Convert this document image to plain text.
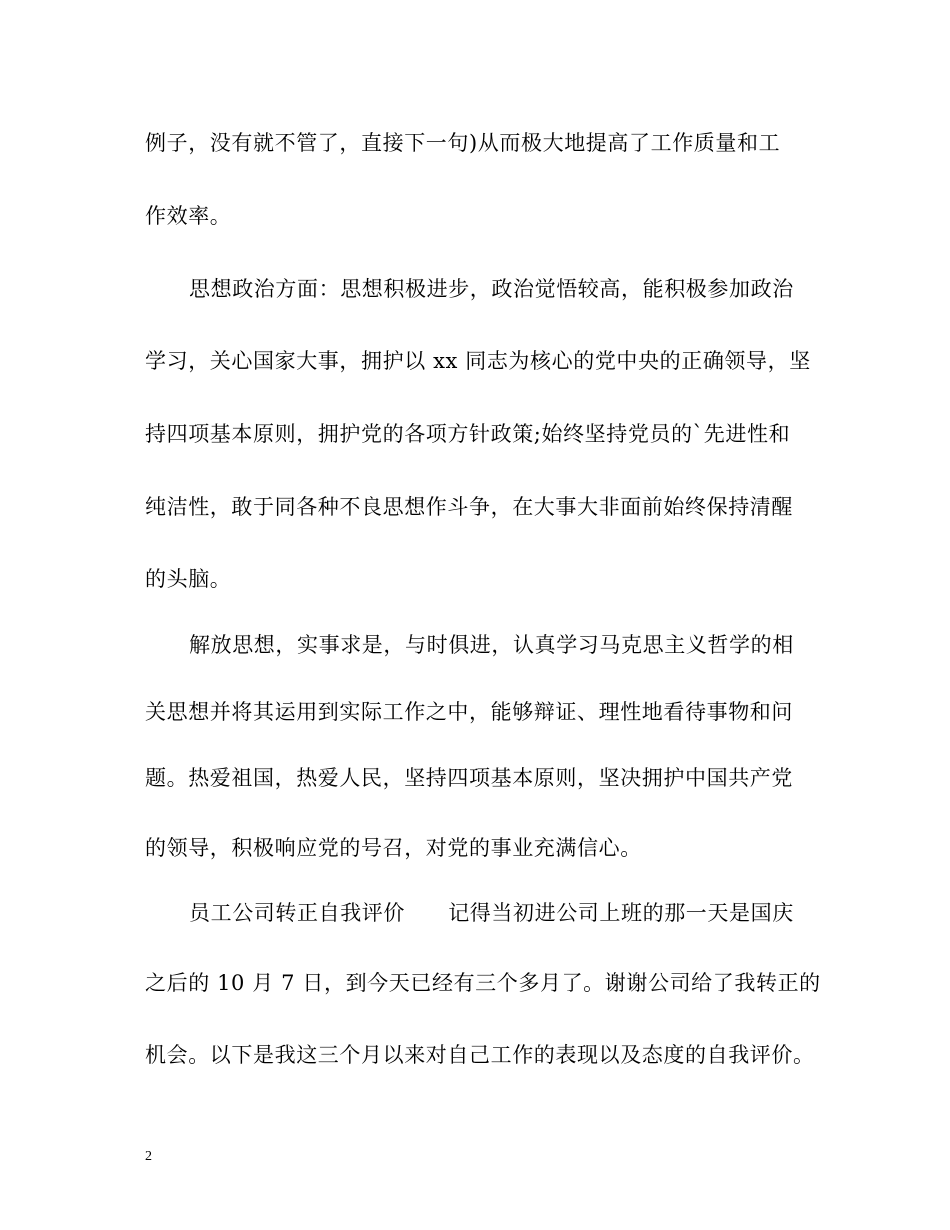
例子，没有就不管了，直接下一句)从而极大地提高了工作质量和工
作效率。
思想政治方面：思想积极进步，政治觉悟较高，能积极参加政治
学习，关心国家大事，拥护以 xx 同志为核心的党中央的正确领导，坚
持四项基本原则，拥护党的各项方针政策;始终坚持党员的`先进性和
纯洁性，敢于同各种不良思想作斗争，在大事大非面前始终保持清醒
的头脑。
解放思想，实事求是，与时俱进，认真学习马克思主义哲学的相
关思想并将其运用到实际工作之中，能够辩证、理性地看待事物和问
题。热爱祖国，热爱人民，坚持四项基本原则，坚决拥护中国共产党
的领导，积极响应党的号召，对党的事业充满信心。
员工公司转正自我评价　　记得当初进公司上班的那一天是国庆
之后的 10 月 7 日，到今天已经有三个多月了。谢谢公司给了我转正的
机会。以下是我这三个月以来对自己工作的表现以及态度的自我评价。
2
